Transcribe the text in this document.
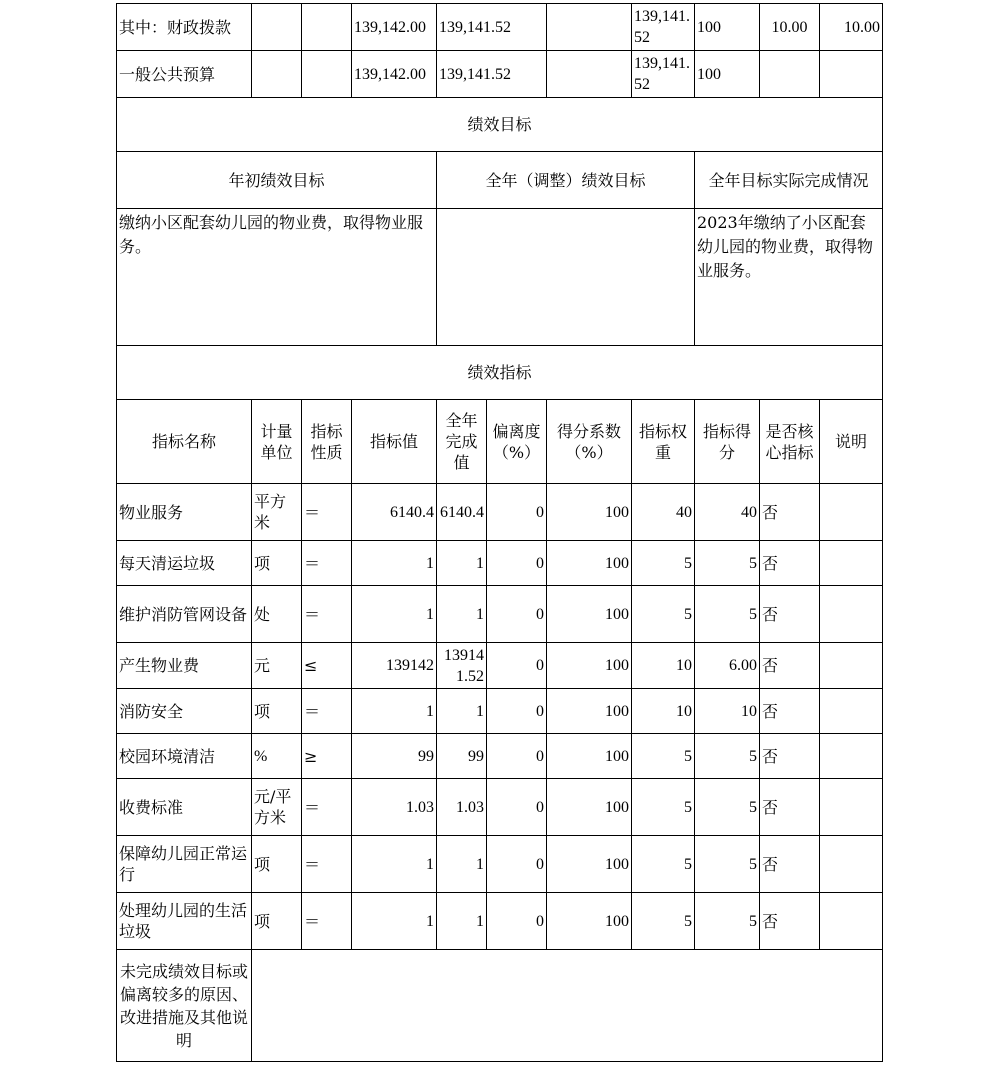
其中：财政拨款			139,142.00	139,141.52			139,141.52	100	10.00	10.00
一般公共预算			139,142.00	139,141.52			139,141.52	100		
绩效目标										
年初绩效目标				全年（调整）绩效目标				全年目标实际完成情况		
缴纳小区配套幼儿园的物业费，取得物业服务。								2023年缴纳了小区配套幼儿园的物业费，取得物业服务。		
绩效指标										
指标名称	计量单位	指标性质	指标值	全年完成值	偏离度（%）	得分系数（%）	指标权重	指标得分	是否核心指标	说明
物业服务	平方米	＝	6140.4	6140.4	0	100	40	40	否	
每天清运垃圾	项	＝	1	1	0	100	5	5	否	
维护消防管网设备	处	＝	1	1	0	100	5	5	否	
产生物业费	元	≤	139142	139141.52	0	100	10	6.00	否	
消防安全	项	＝	1	1	0	100	10	10	否	
校园环境清洁	%	≥	99	99	0	100	5	5	否	
收费标准	元/平方米	＝	1.03	1.03	0	100	5	5	否	
保障幼儿园正常运行	项	＝	1	1	0	100	5	5	否	
处理幼儿园的生活垃圾	项	＝	1	1	0	100	5	5	否	
未完成绩效目标或偏离较多的原因、改进措施及其他说明										
